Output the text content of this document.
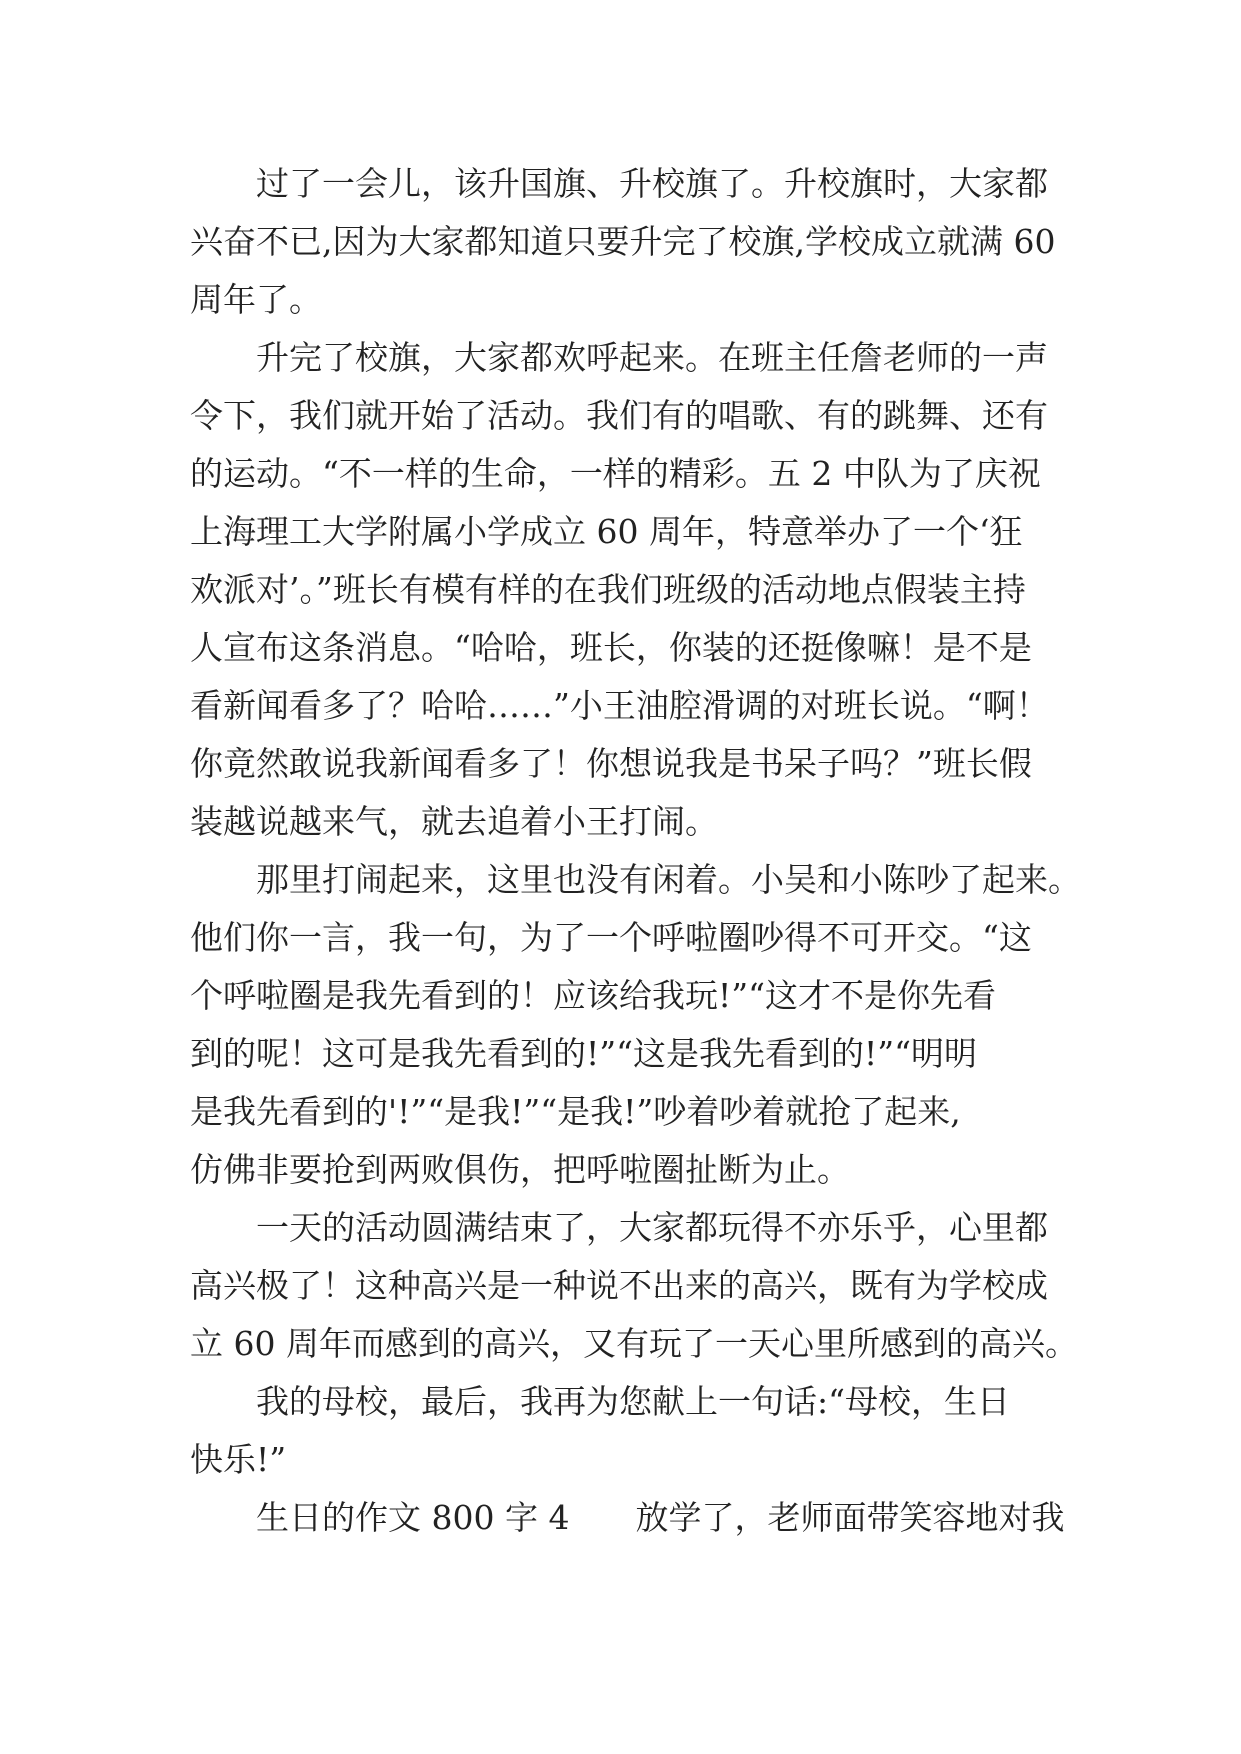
过了一会儿，该升国旗、升校旗了。升校旗时，大家都
兴奋不已,因为大家都知道只要升完了校旗,学校成立就满 60
周年了。
升完了校旗，大家都欢呼起来。在班主任詹老师的一声
令下，我们就开始了活动。我们有的唱歌、有的跳舞、还有
的运动。“不一样的生命，一样的精彩。五 2 中队为了庆祝
上海理工大学附属小学成立 60 周年，特意举办了一个‘狂
欢派对’。”班长有模有样的在我们班级的活动地点假装主持
人宣布这条消息。“哈哈，班长，你装的还挺像嘛！是不是
看新闻看多了？哈哈……”小王油腔滑调的对班长说。“啊！
你竟然敢说我新闻看多了！你想说我是书呆子吗？”班长假
装越说越来气，就去追着小王打闹。
那里打闹起来，这里也没有闲着。小吴和小陈吵了起来。
他们你一言，我一句，为了一个呼啦圈吵得不可开交。“这
个呼啦圈是我先看到的！应该给我玩!”“这才不是你先看
到的呢！这可是我先看到的!”“这是我先看到的!”“明明
是我先看到的'!”“是我!”“是我!”吵着吵着就抢了起来,
仿佛非要抢到两败俱伤，把呼啦圈扯断为止。
一天的活动圆满结束了，大家都玩得不亦乐乎，心里都
高兴极了！这种高兴是一种说不出来的高兴，既有为学校成
立 60 周年而感到的高兴，又有玩了一天心里所感到的高兴。
我的母校，最后，我再为您献上一句话:“母校，生日
快乐!”
生日的作文 800 字 4　　放学了，老师面带笑容地对我
